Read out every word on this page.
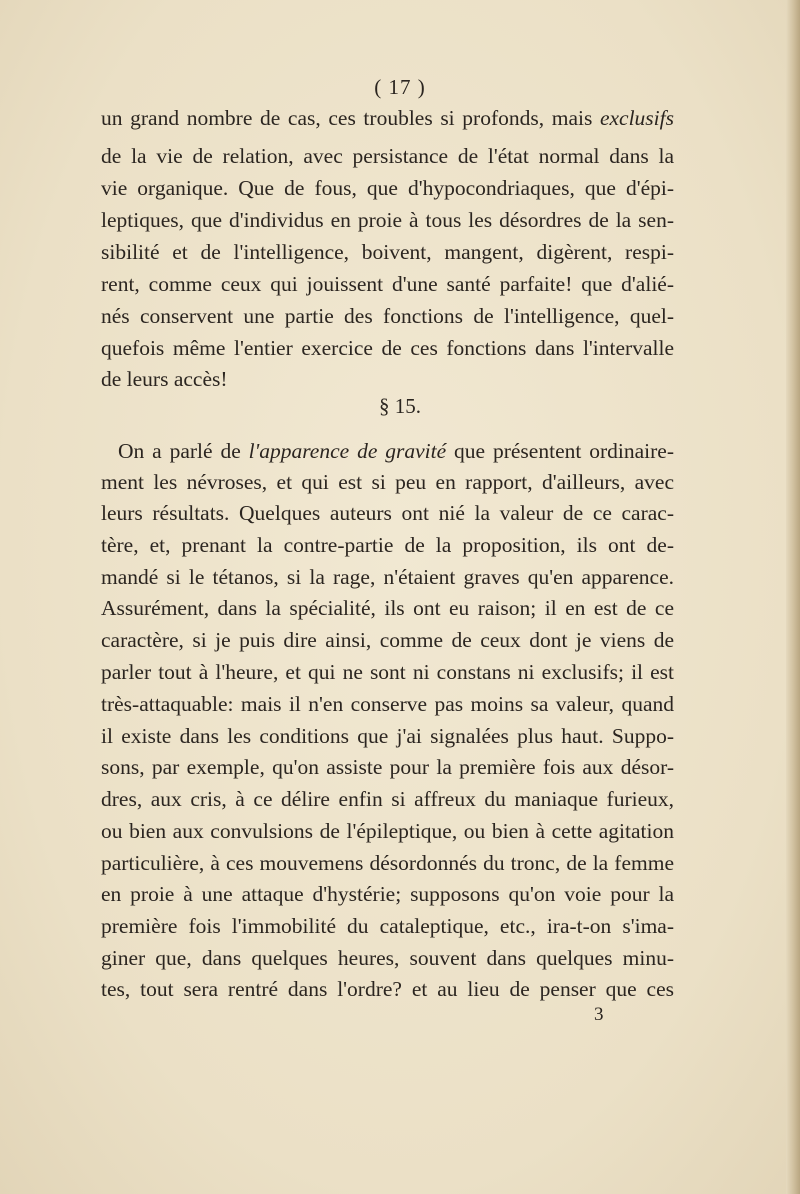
( 17 )
un grand nombre de cas, ces troubles si profonds, mais exclusifs
de la vie de relation, avec persistance de l'état normal dans la
vie organique. Que de fous, que d'hypocondriaques, que d'épi-
leptiques, que d'individus en proie à tous les désordres de la sen-
sibilité et de l'intelligence, boivent, mangent, digèrent, respi-
rent, comme ceux qui jouissent d'une santé parfaite! que d'alié-
nés conservent une partie des fonctions de l'intelligence, quel-
quefois même l'entier exercice de ces fonctions dans l'intervalle
de leurs accès!
§ 15.
On a parlé de l'apparence de gravité que présentent ordinaire-
ment les névroses, et qui est si peu en rapport, d'ailleurs, avec
leurs résultats. Quelques auteurs ont nié la valeur de ce carac-
tère, et, prenant la contre-partie de la proposition, ils ont de-
mandé si le tétanos, si la rage, n'étaient graves qu'en apparence.
Assurément, dans la spécialité, ils ont eu raison; il en est de ce
caractère, si je puis dire ainsi, comme de ceux dont je viens de
parler tout à l'heure, et qui ne sont ni constans ni exclusifs; il est
très-attaquable: mais il n'en conserve pas moins sa valeur, quand
il existe dans les conditions que j'ai signalées plus haut. Suppo-
sons, par exemple, qu'on assiste pour la première fois aux désor-
dres, aux cris, à ce délire enfin si affreux du maniaque furieux,
ou bien aux convulsions de l'épileptique, ou bien à cette agitation
particulière, à ces mouvemens désordonnés du tronc, de la femme
en proie à une attaque d'hystérie; supposons qu'on voie pour la
première fois l'immobilité du cataleptique, etc., ira-t-on s'ima-
giner que, dans quelques heures, souvent dans quelques minu-
tes, tout sera rentré dans l'ordre? et au lieu de penser que ces
3
